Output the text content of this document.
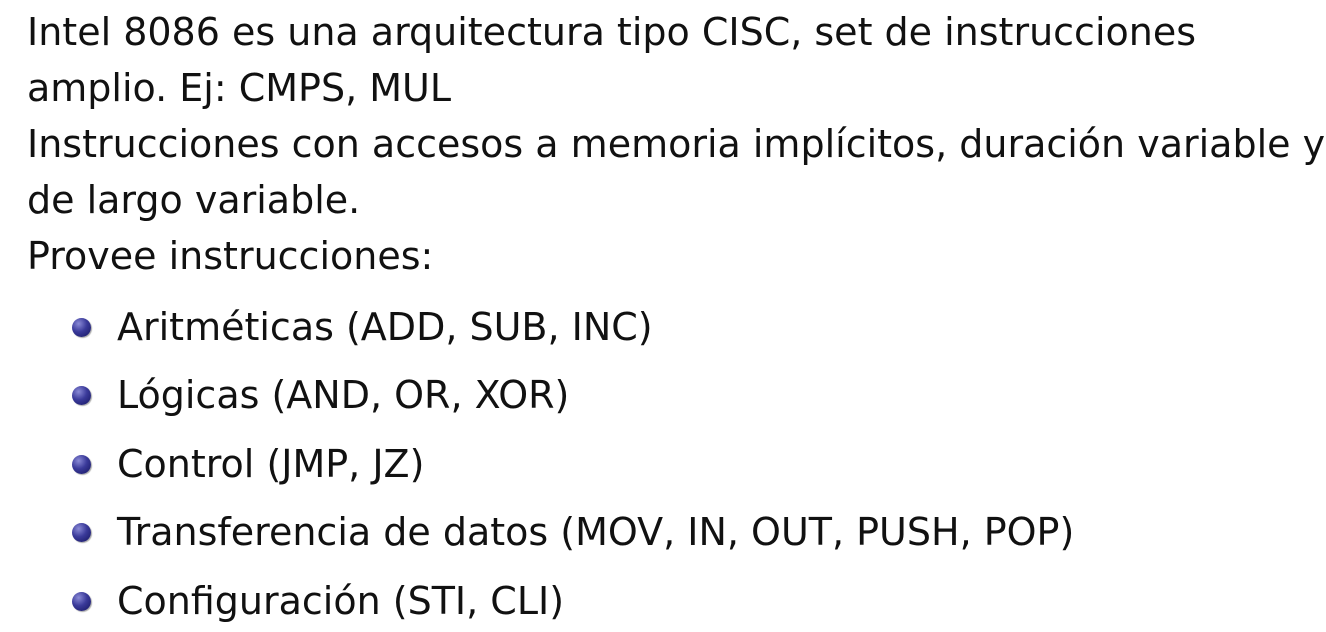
Intel 8086 es una arquitectura tipo CISC, set de instrucciones
amplio. Ej: CMPS, MUL
Instrucciones con accesos a memoria implícitos, duración variable y
de largo variable.
Provee instrucciones:
Aritméticas (ADD, SUB, INC)
Lógicas (AND, OR, XOR)
Control (JMP, JZ)
Transferencia de datos (MOV, IN, OUT, PUSH, POP)
Configuración (STI, CLI)
